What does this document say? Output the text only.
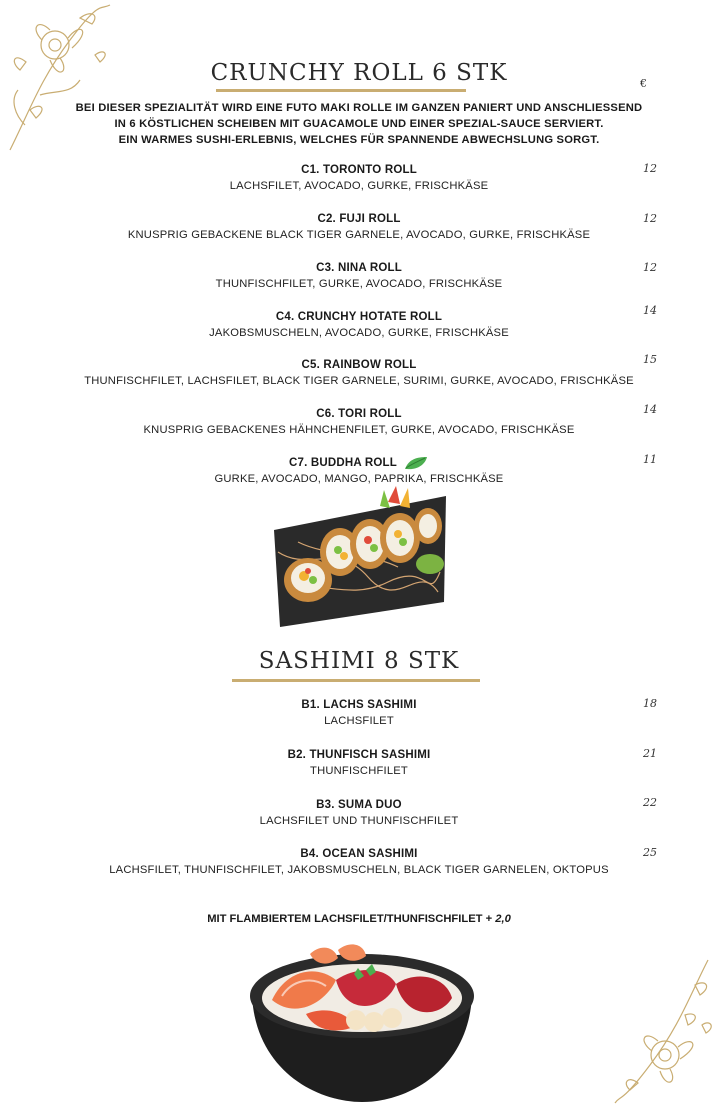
CRUNCHY ROLL 6 STK	€
BEI DIESER SPEZIALITÄT WIRD EINE FUTO MAKI ROLLE IM GANZEN PANIERT UND ANSCHLIESSEND
IN 6 KÖSTLICHEN SCHEIBEN MIT GUACAMOLE UND EINER SPEZIAL-SAUCE SERVIERT.
EIN WARMES SUSHI-ERLEBNIS, WELCHES FÜR SPANNENDE ABWECHSLUNG SORGT.
C1. TORONTO ROLL
LACHSFILET, AVOCADO, GURKE, FRISCHKÄSE
12
C2. FUJI ROLL
KNUSPRIG GEBACKENE BLACK TIGER GARNELE, AVOCADO, GURKE, FRISCHKÄSE
12
C3. NINA ROLL
THUNFISCHFILET, GURKE, AVOCADO, FRISCHKÄSE
12
C4. CRUNCHY HOTATE ROLL
JAKOBSMUSCHELN, AVOCADO, GURKE, FRISCHKÄSE
14
C5. RAINBOW ROLL
THUNFISCHFILET, LACHSFILET, BLACK TIGER GARNELE, SURIMI, GURKE, AVOCADO, FRISCHKÄSE
15
C6. TORI ROLL
KNUSPRIG GEBACKENES HÄHNCHENFILET, GURKE, AVOCADO, FRISCHKÄSE
14
C7. BUDDHA ROLL
GURKE, AVOCADO, MANGO, PAPRIKA, FRISCHKÄSE
11
SASHIMI 8 STK
B1. LACHS SASHIMI
LACHSFILET
18
B2. THUNFISCH SASHIMI
THUNFISCHFILET
21
B3. SUMA DUO
LACHSFILET UND THUNFISCHFILET
22
B4. OCEAN SASHIMI
LACHSFILET, THUNFISCHFILET, JAKOBSMUSCHELN, BLACK TIGER GARNELEN, OKTOPUS
25
MIT FLAMBIERTEM LACHSFILET/THUNFISCHFILET + 2,0
